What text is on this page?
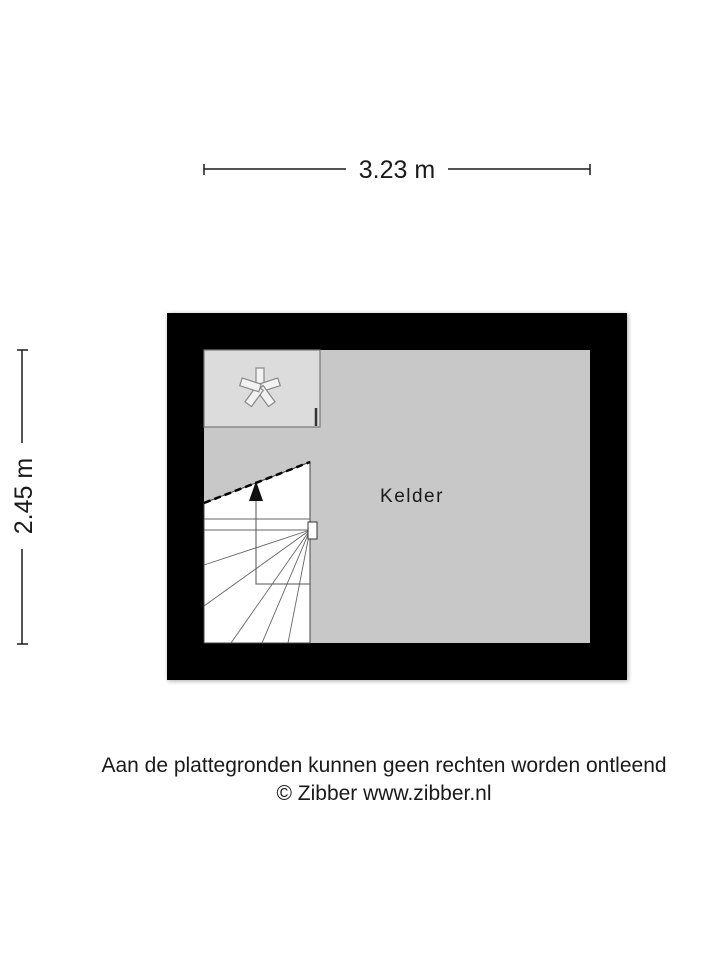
3.23 m
2.45 m	Kelder
Aan de plattegronden kunnen geen rechten worden ontleend
© Zibber www.zibber.nl
